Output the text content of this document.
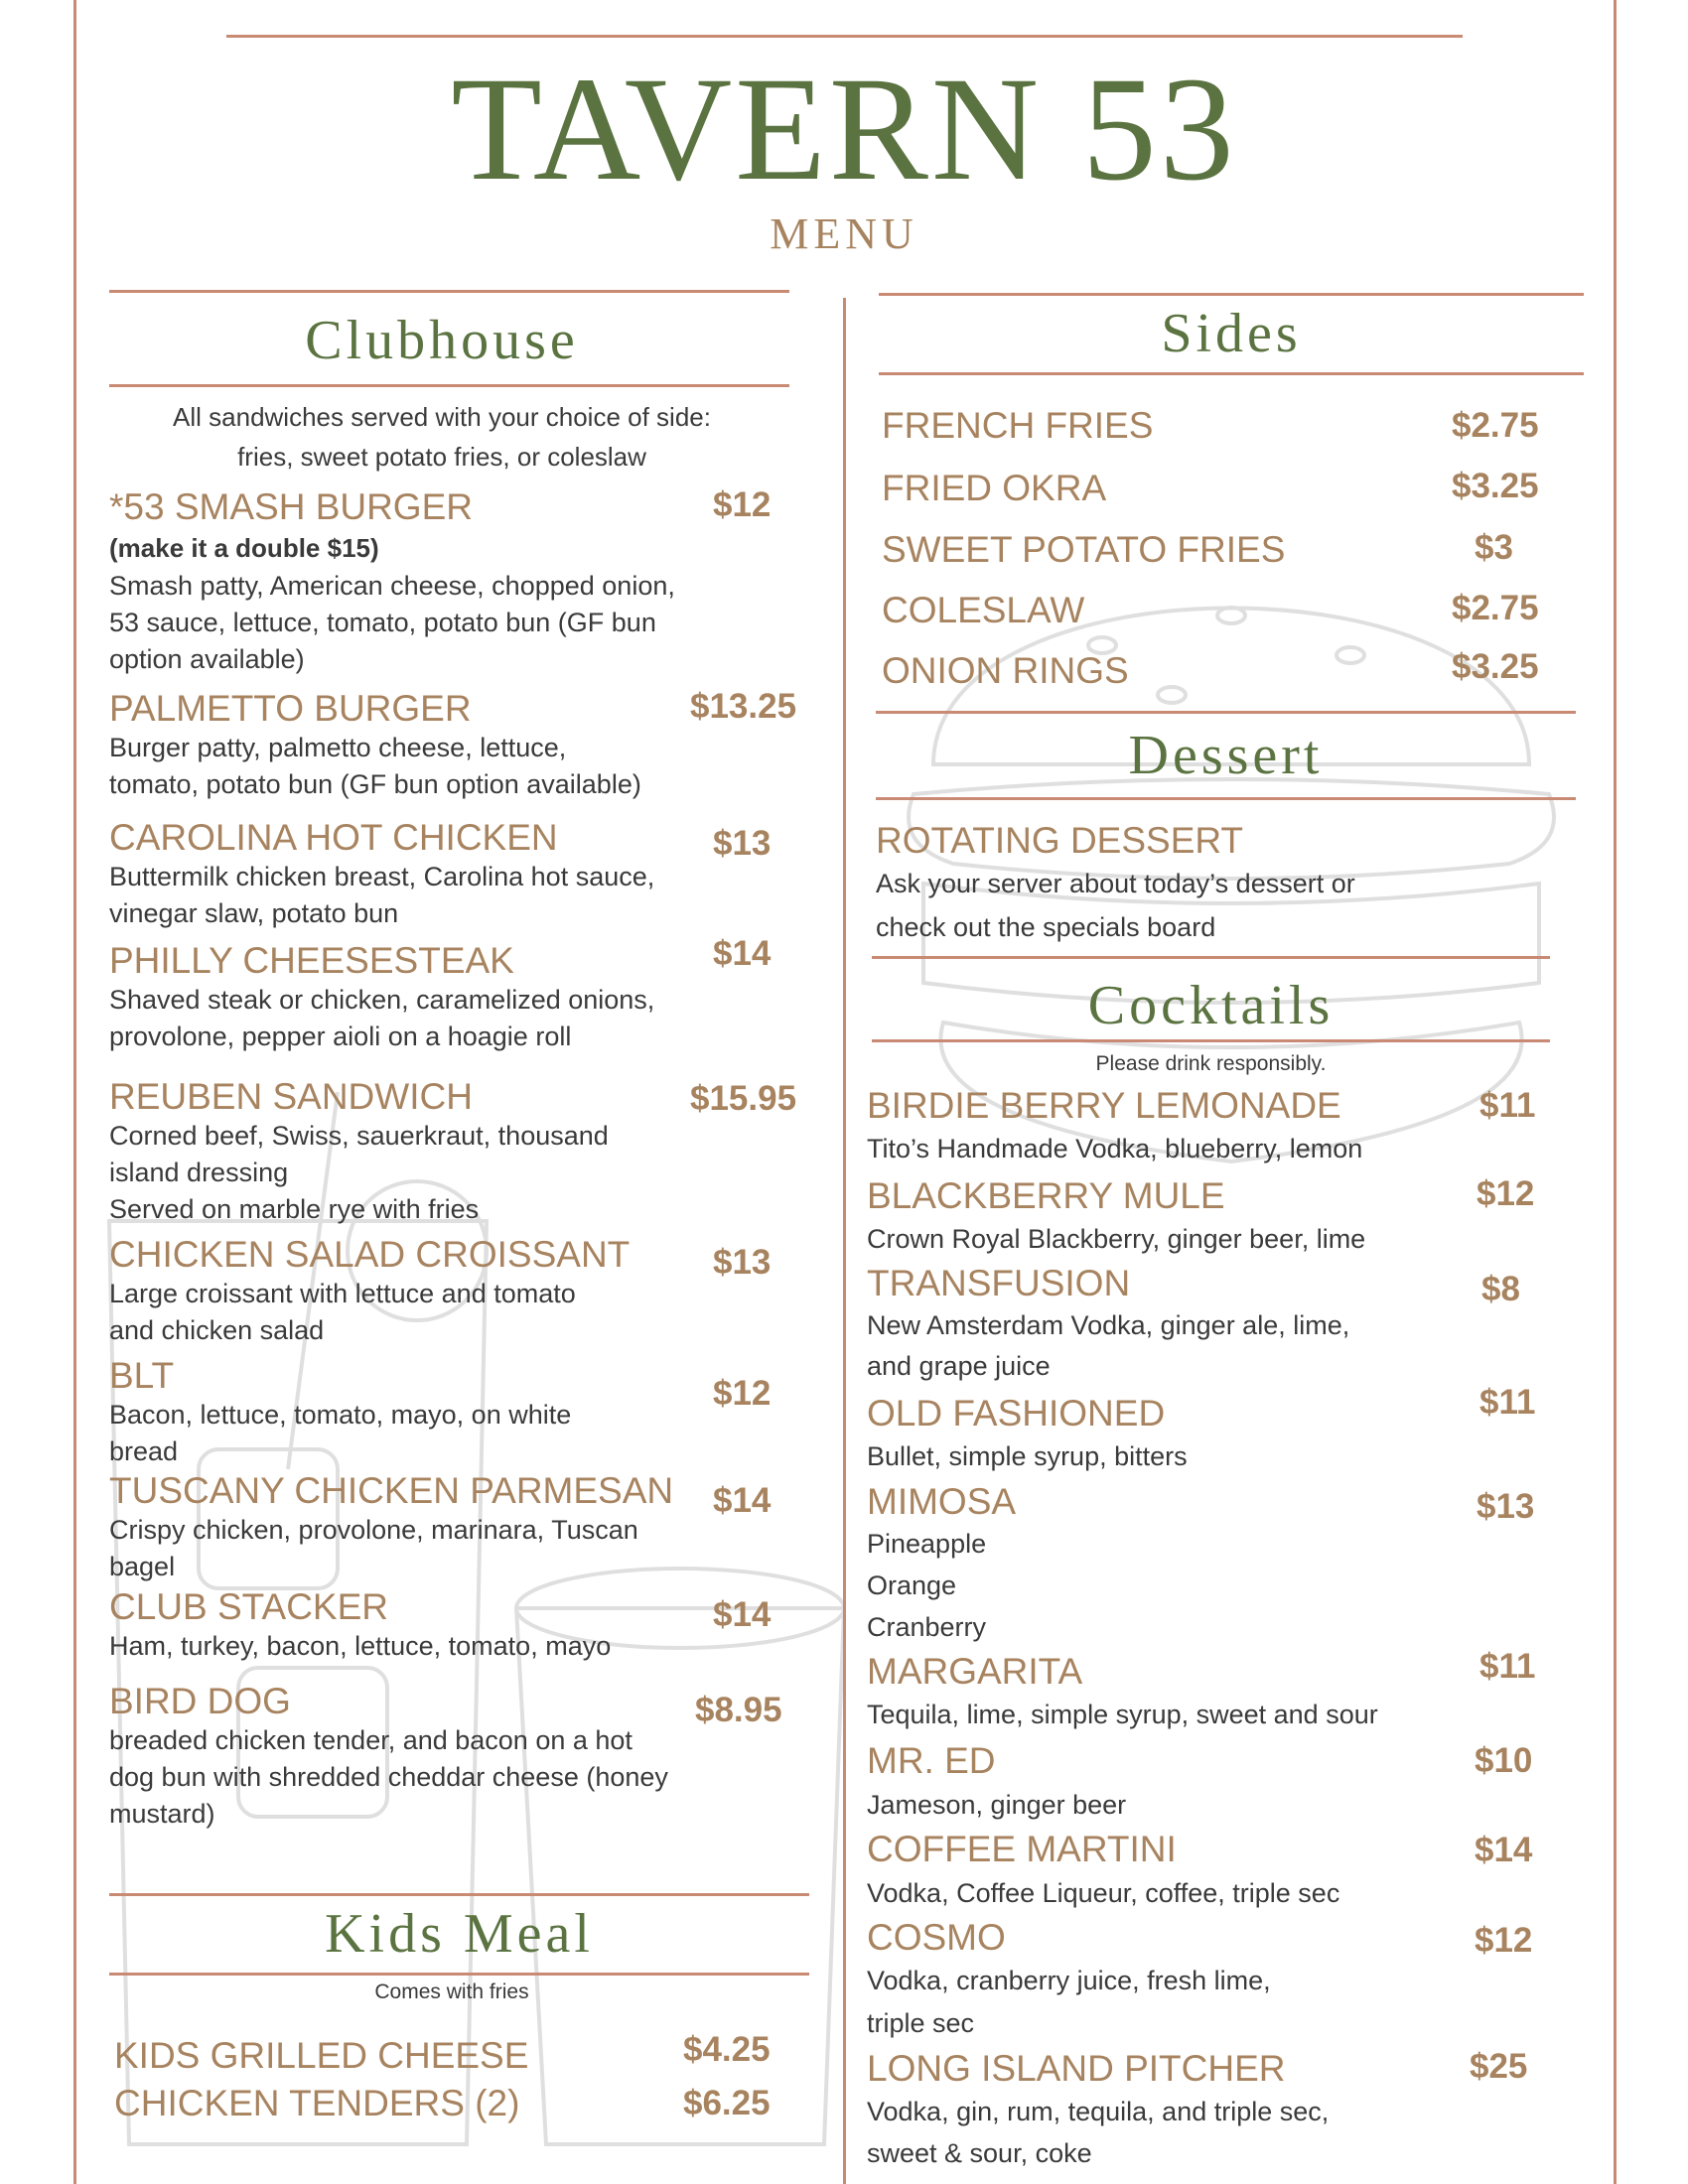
TAVERN 53
MENU
Clubhouse
All sandwiches served with your choice of side:
fries, sweet potato fries, or coleslaw
*53 SMASH BURGER
(make it a double $15)
Smash patty, American cheese, chopped onion,
53 sauce, lettuce, tomato, potato bun (GF bun
option available)
$12
PALMETTO BURGER
Burger patty, palmetto cheese, lettuce,
tomato, potato bun (GF bun option available)
$13.25
CAROLINA HOT CHICKEN
Buttermilk chicken breast, Carolina hot sauce,
vinegar slaw, potato bun
$13
PHILLY CHEESESTEAK
Shaved steak or chicken, caramelized onions,
provolone, pepper aioli on a hoagie roll
$14
REUBEN SANDWICH
Corned beef, Swiss, sauerkraut, thousand
island dressing
Served on marble rye with fries
$15.95
CHICKEN SALAD CROISSANT
Large croissant with lettuce and tomato
and chicken salad
$13
BLT
Bacon, lettuce, tomato, mayo, on white
bread
$12
TUSCANY CHICKEN PARMESAN
Crispy chicken, provolone, marinara, Tuscan
bagel
$14
CLUB STACKER
Ham, turkey, bacon, lettuce, tomato, mayo
$14
BIRD DOG
breaded chicken tender, and bacon on a hot
dog bun with shredded cheddar cheese (honey
mustard)
$8.95
Kids Meal
Comes with fries
KIDS GRILLED CHEESE	$4.25
CHICKEN TENDERS (2)	$6.25
Sides
FRENCH FRIES	$2.75
FRIED OKRA	$3.25
SWEET POTATO FRIES	$3
COLESLAW	$2.75
ONION RINGS	$3.25
Dessert
ROTATING DESSERT
Ask your server about today’s dessert or
check out the specials board
Cocktails
Please drink responsibly.
BIRDIE BERRY LEMONADE
Tito’s Handmade Vodka, blueberry, lemon
$11
BLACKBERRY MULE
Crown Royal Blackberry, ginger beer, lime
$12
TRANSFUSION
New Amsterdam Vodka, ginger ale, lime,
and grape juice
$8
OLD FASHIONED
Bullet, simple syrup, bitters
$11
MIMOSA
Pineapple
Orange
Cranberry
$13
MARGARITA
Tequila, lime, simple syrup, sweet and sour
$11
MR. ED
Jameson, ginger beer
$10
COFFEE MARTINI
Vodka, Coffee Liqueur, coffee, triple sec
$14
COSMO
Vodka, cranberry juice, fresh lime,
triple sec
$12
LONG ISLAND PITCHER
Vodka, gin, rum, tequila, and triple sec,
sweet & sour, coke
$25
